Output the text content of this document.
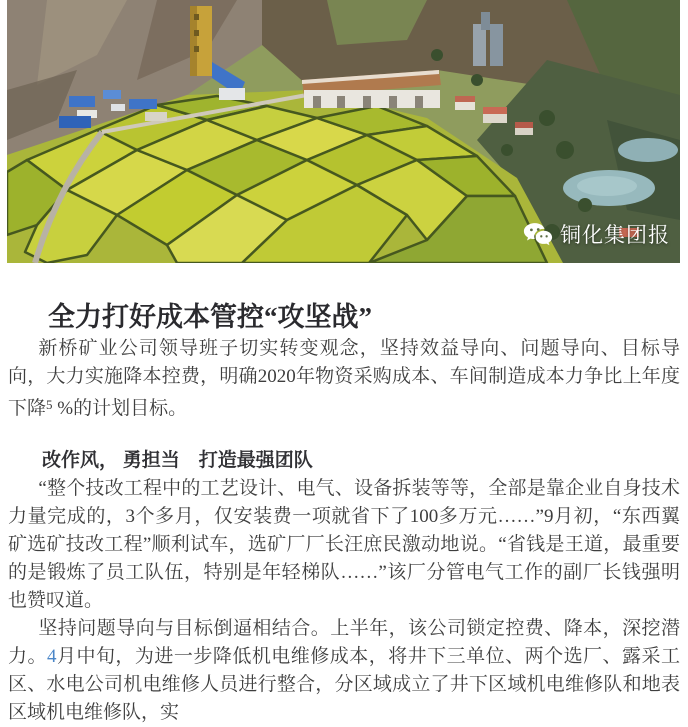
铜化集团报
全力打好成本管控“攻坚战”

新桥矿业公司领导班子切实转变观念，坚持效益导向、问题导向、目标导向，大力实施降本控费，明确2020年物资采购成本、车间制造成本力争比上年度下降$^5$ %的计划目标。

改作风， 勇担当　打造最强团队

“整个技改工程中的工艺设计、电气、设备拆装等等，全部是靠企业自身技术力量完成的，3个多月，仅安装费一项就省下了100多万元……”9月初，“东西翼矿选矿技改工程”顺利试车，选矿厂厂长汪庶民激动地说。“省钱是王道，最重要的是锻炼了员工队伍，特别是年轻梯队……”该厂分管电气工作的副厂长钱强明也赞叹道。

坚持问题导向与目标倒逼相结合。上半年，该公司锁定控费、降本，深挖潜力。4月中旬，为进一步降低机电维修成本，将井下三单位、两个选厂、露采工区、水电公司机电维修人员进行整合，分区域成立了井下区域机电维修队和地表区域机电维修队，实
